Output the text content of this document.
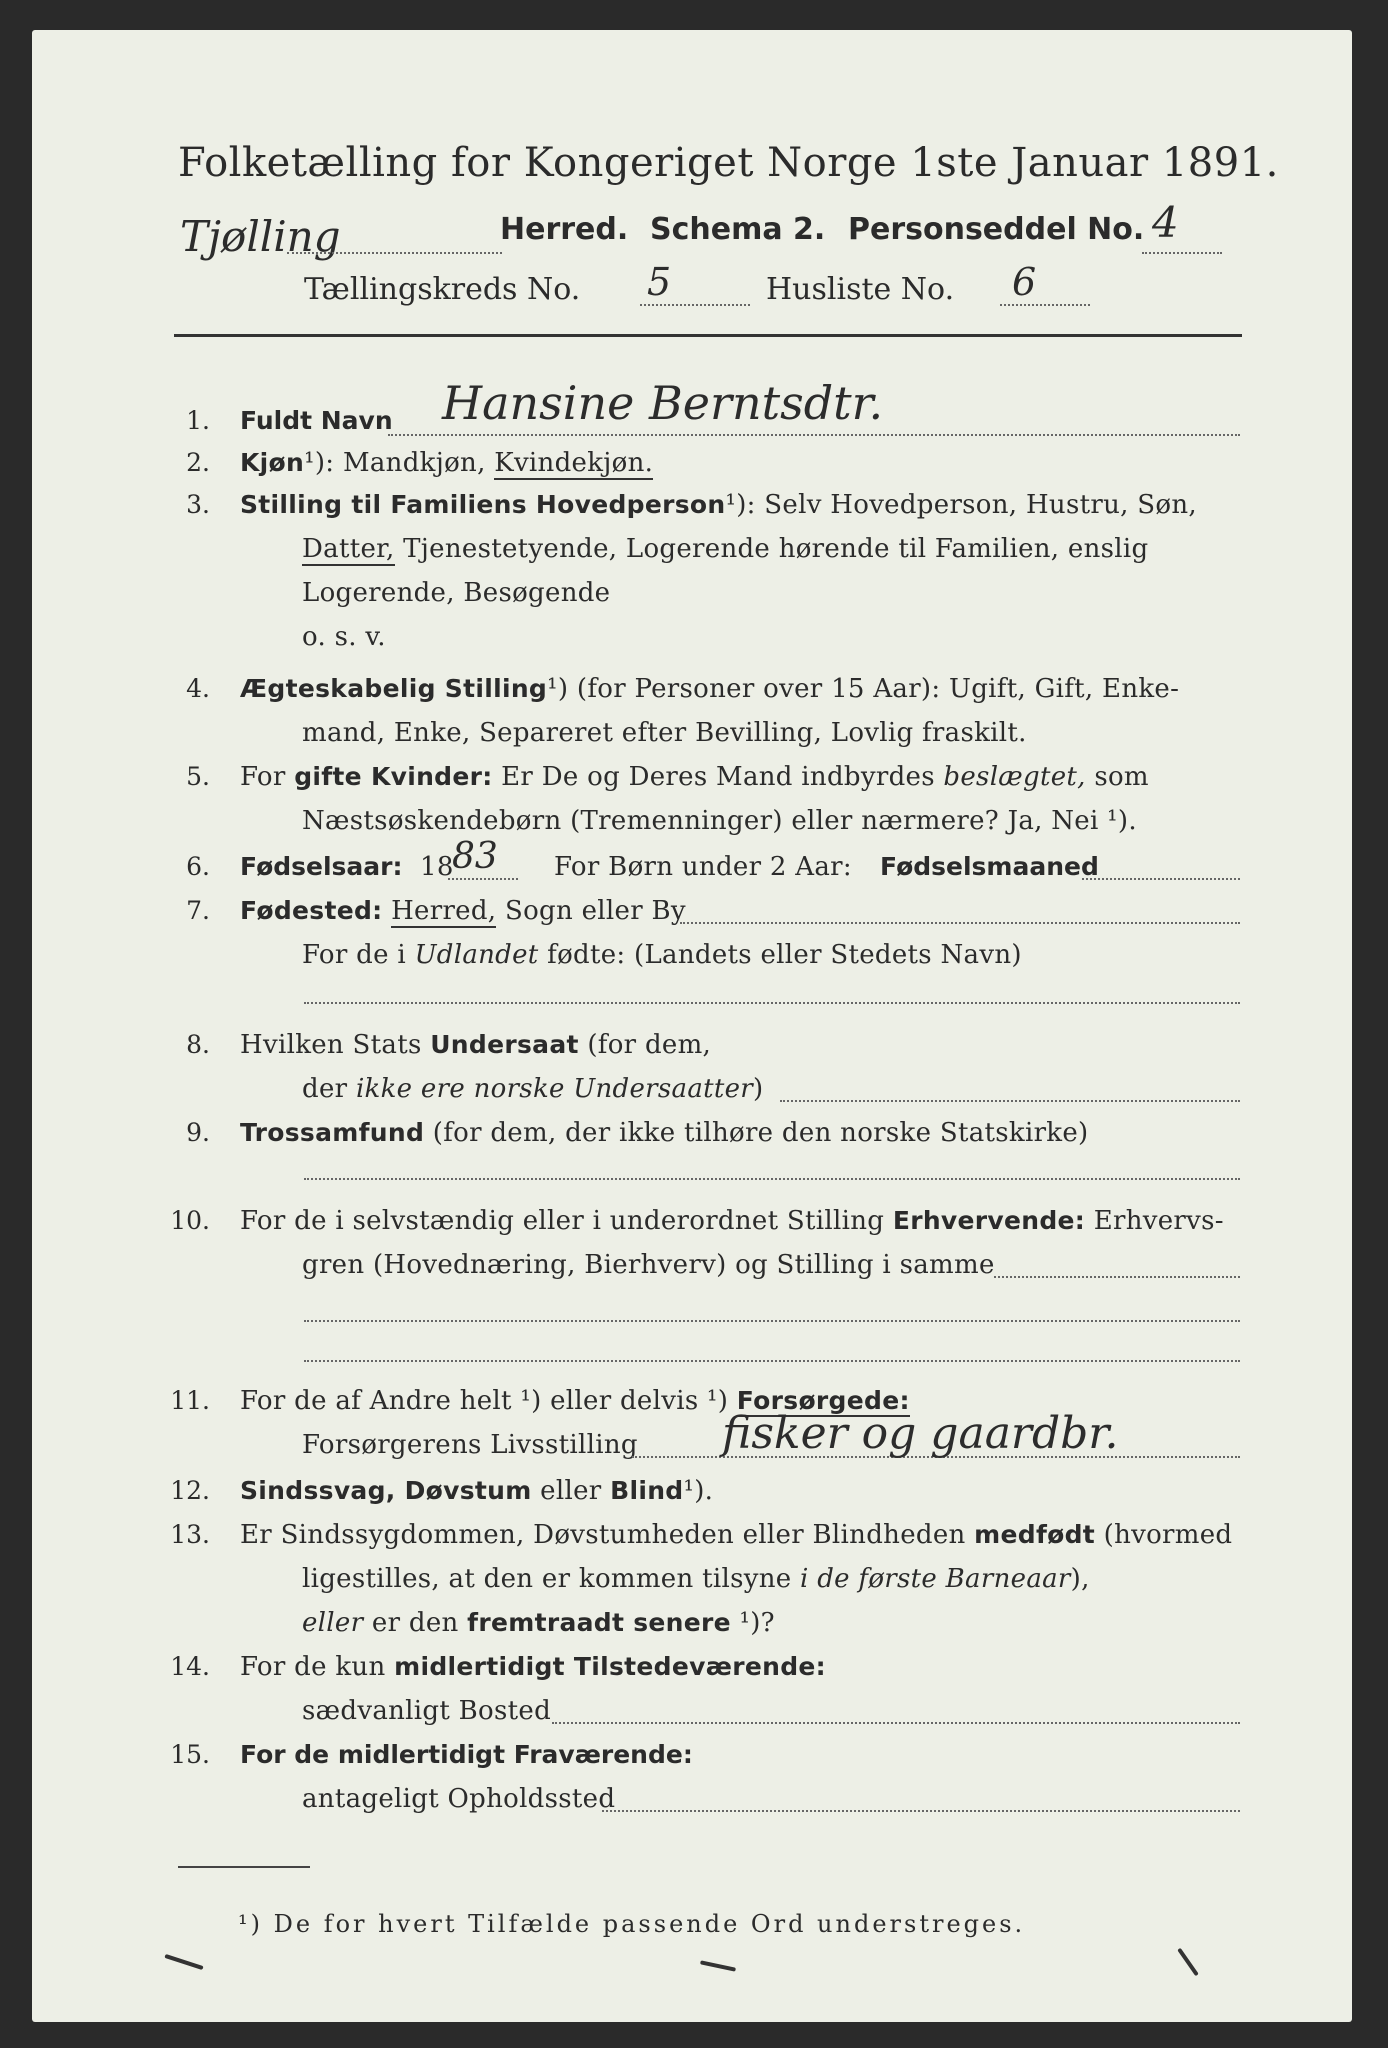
Folketælling for Kongeriget Norge 1ste Januar 1891.
Tjølling	Herred. Schema 2. Personseddel No. 4
Tællingskreds No. 5	Husliste No. 6
1. Fuldt Navn Hansine Berntsdtr.
2. Kjøn¹): Mandkjøn, Kvindekjøn.
3. Stilling til Familiens Hovedperson¹): Selv Hovedperson, Hustru, Søn,
Datter, Tjenestetyende, Logerende hørende til Familien, enslig
Logerende, Besøgende
o. s. v.
4. Ægteskabelig Stilling¹) (for Personer over 15 Aar): Ugift, Gift, Enke-
mand, Enke, Separeret efter Bevilling, Lovlig fraskilt.
5. For gifte Kvinder: Er De og Deres Mand indbyrdes beslægtet, som
Næstsøskendebørn (Tremenninger) eller nærmere? Ja, Nei ¹).
6. Fødselsaar: 18
83 For Børn under 2 Aar: Fødselsmaaned
7. Fødested: Herred, Sogn eller By
For de i Udlandet fødte: (Landets eller Stedets Navn)
8. Hvilken Stats Undersaat (for dem,
der ikke ere norske Undersaatter)
9. Trossamfund (for dem, der ikke tilhøre den norske Statskirke)
10. For de i selvstændig eller i underordnet Stilling Erhvervende: Erhvervs-
gren (Hovednæring, Bierhverv) og Stilling i samme
11. For de af Andre helt ¹) eller delvis ¹) Forsørgede:
Forsørgerens Livsstilling fisker og gaardbr.
12. Sindssvag, Døvstum eller Blind¹).
13. Er Sindssygdommen, Døvstumheden eller Blindheden medfødt (hvormed
ligestilles, at den er kommen tilsyne i de første Barneaar),
eller er den fremtraadt senere ¹)?
14. For de kun midlertidigt Tilstedeværende:
sædvanligt Bosted
15. For de midlertidigt Fraværende:
antageligt Opholdssted
¹) De for hvert Tilfælde passende Ord understreges.
